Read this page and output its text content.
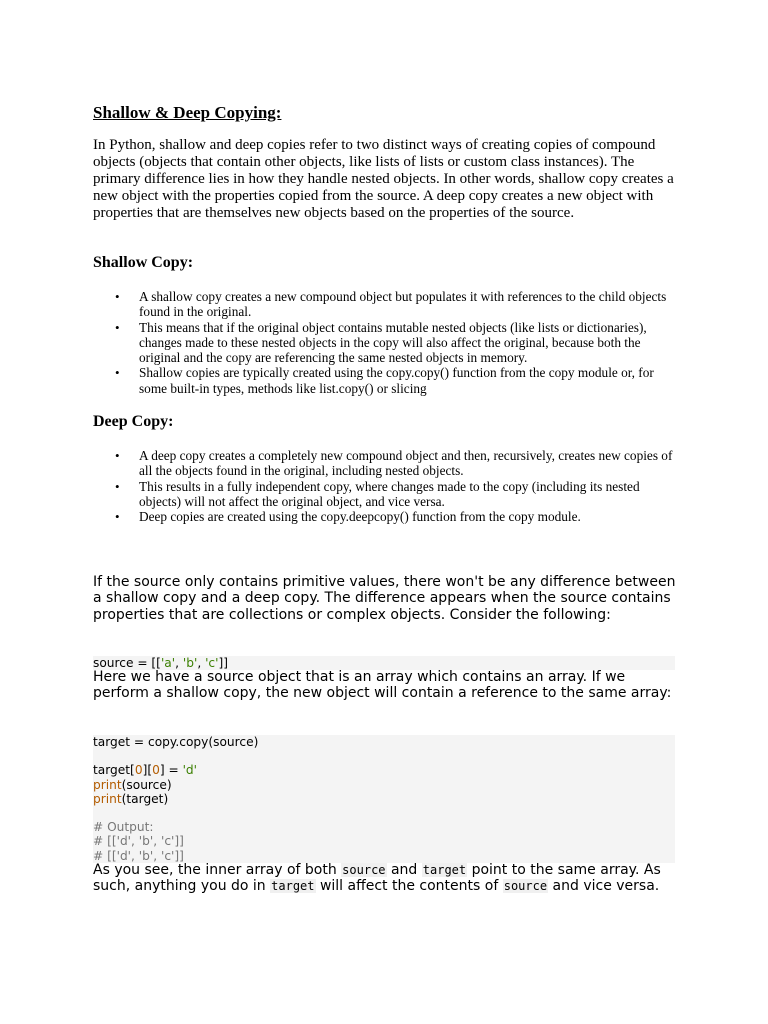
Shallow & Deep Copying:

In Python, shallow and deep copies refer to two distinct ways of creating copies of compound objects (objects that contain other objects, like lists of lists or custom class instances). The primary difference lies in how they handle nested objects. In other words, shallow copy creates a new object with the properties copied from the source. A deep copy creates a new object with properties that are themselves new objects based on the properties of the source.

Shallow Copy:
• A shallow copy creates a new compound object but populates it with references to the child objects found in the original.
• This means that if the original object contains mutable nested objects (like lists or dictionaries), changes made to these nested objects in the copy will also affect the original, because both the original and the copy are referencing the same nested objects in memory.
• Shallow copies are typically created using the copy.copy() function from the copy module or, for some built-in types, methods like list.copy() or slicing
Deep Copy:
• A deep copy creates a completely new compound object and then, recursively, creates new copies of all the objects found in the original, including nested objects.
• This results in a fully independent copy, where changes made to the copy (including its nested objects) will not affect the original object, and vice versa.
• Deep copies are created using the copy.deepcopy() function from the copy module.

If the source only contains primitive values, there won't be any difference between a shallow copy and a deep copy. The difference appears when the source contains properties that are collections or complex objects. Consider the following:

source = [['a', 'b', 'c']]

Here we have a source object that is an array which contains an array. If we perform a shallow copy, the new object will contain a reference to the same array:

target = copy.copy(source)

target[0][0] = 'd'
print(source)
print(target)

# Output:
# [['d', 'b', 'c']]
# [['d', 'b', 'c']]

As you see, the inner array of both source and target point to the same array. As such, anything you do in target will affect the contents of source and vice versa.
